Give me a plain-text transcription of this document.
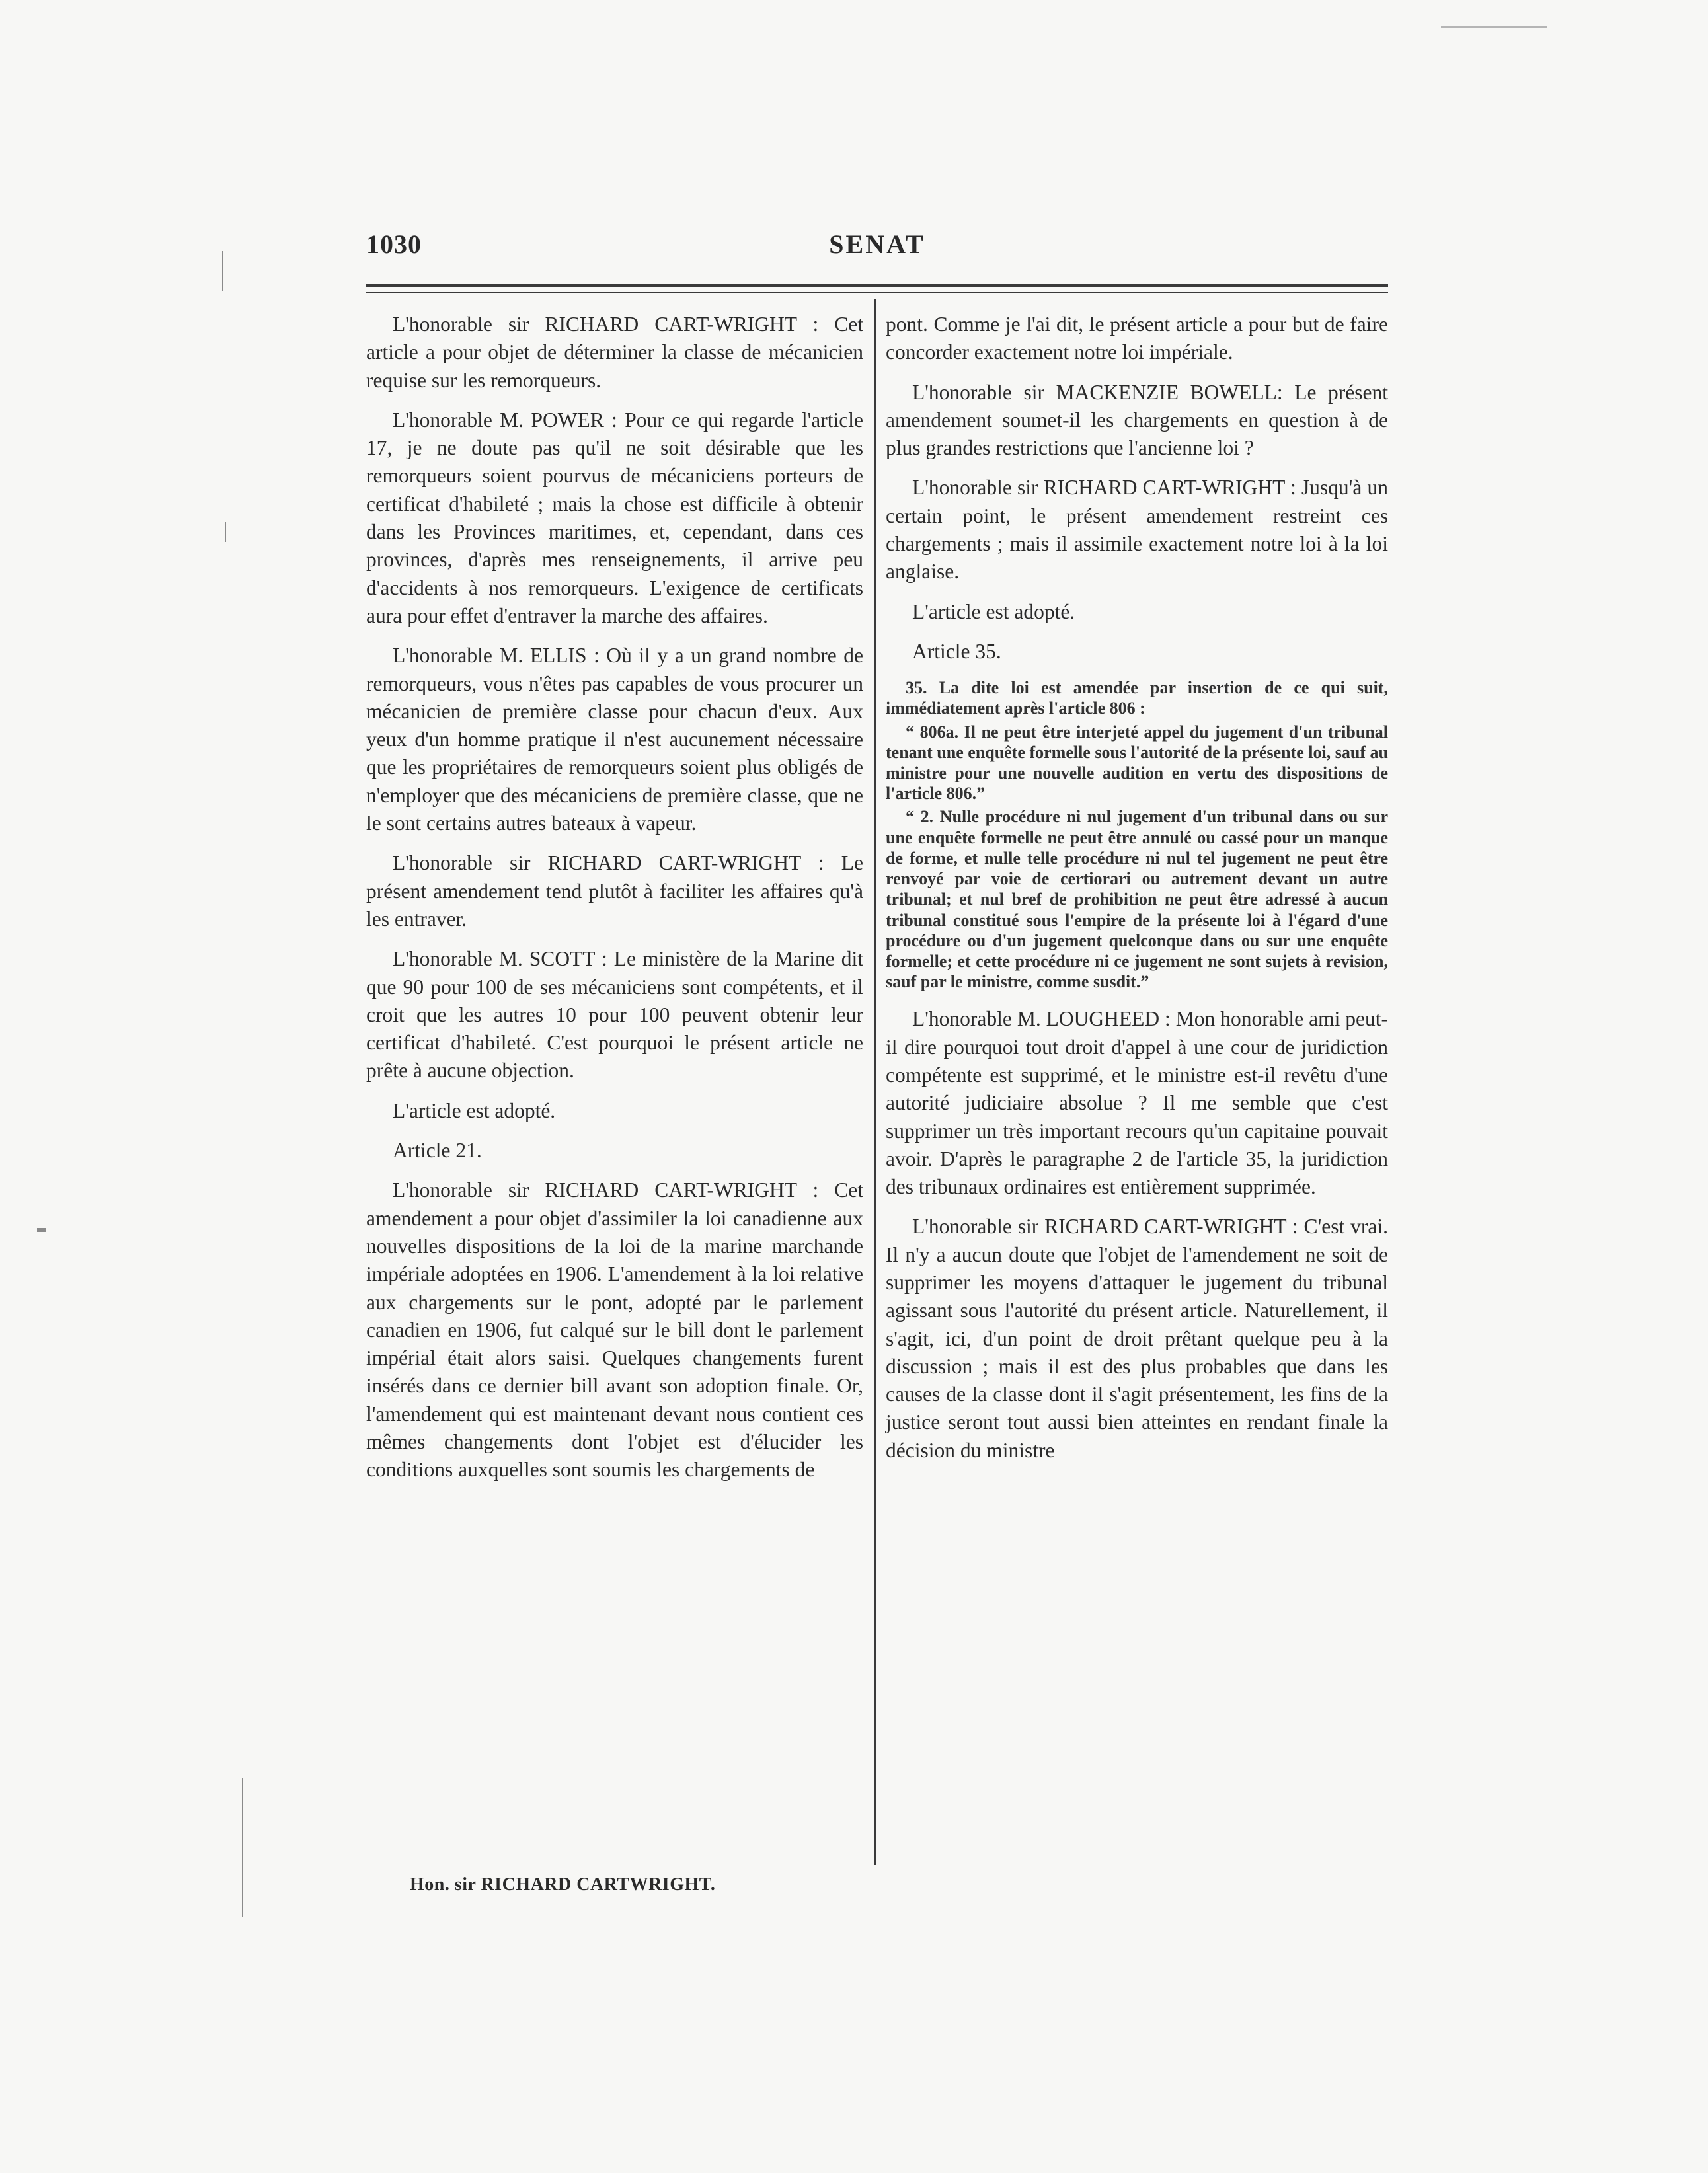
1030	SENAT

L'honorable sir RICHARD CART-WRIGHT : Cet article a pour objet de déterminer la classe de mécanicien requise sur les remorqueurs.

L'honorable M. POWER : Pour ce qui regarde l'article 17, je ne doute pas qu'il ne soit désirable que les remorqueurs soient pourvus de mécaniciens porteurs de certificat d'habileté ; mais la chose est difficile à obtenir dans les Provinces maritimes, et, cependant, dans ces provinces, d'après mes renseignements, il arrive peu d'accidents à nos remorqueurs. L'exigence de certificats aura pour effet d'entraver la marche des affaires.

L'honorable M. ELLIS : Où il y a un grand nombre de remorqueurs, vous n'êtes pas capables de vous procurer un mécanicien de première classe pour chacun d'eux. Aux yeux d'un homme pratique il n'est aucunement nécessaire que les propriétaires de remorqueurs soient plus obligés de n'employer que des mécaniciens de première classe, que ne le sont certains autres bateaux à vapeur.

L'honorable sir RICHARD CART-WRIGHT : Le présent amendement tend plutôt à faciliter les affaires qu'à les entraver.

L'honorable M. SCOTT : Le ministère de la Marine dit que 90 pour 100 de ses mécaniciens sont compétents, et il croit que les autres 10 pour 100 peuvent obtenir leur certificat d'habileté. C'est pourquoi le présent article ne prête à aucune objection.

L'article est adopté.

Article 21.

L'honorable sir RICHARD CART-WRIGHT : Cet amendement a pour objet d'assimiler la loi canadienne aux nouvelles dispositions de la loi de la marine marchande impériale adoptées en 1906. L'amendement à la loi relative aux chargements sur le pont, adopté par le parlement canadien en 1906, fut calqué sur le bill dont le parlement impérial était alors saisi. Quelques changements furent insérés dans ce dernier bill avant son adoption finale. Or, l'amendement qui est maintenant devant nous contient ces mêmes changements dont l'objet est d'élucider les conditions auxquelles sont soumis les chargements de

pont. Comme je l'ai dit, le présent article a pour but de faire concorder exactement notre loi impériale.

L'honorable sir MACKENZIE BOWELL: Le présent amendement soumet-il les chargements en question à de plus grandes restrictions que l'ancienne loi ?

L'honorable sir RICHARD CART-WRIGHT : Jusqu'à un certain point, le présent amendement restreint ces chargements ; mais il assimile exactement notre loi à la loi anglaise.

L'article est adopté.

Article 35.

35. La dite loi est amendée par insertion de ce qui suit, immédiatement après l'article 806 :

“ 806a. Il ne peut être interjeté appel du jugement d'un tribunal tenant une enquête formelle sous l'autorité de la présente loi, sauf au ministre pour une nouvelle audition en vertu des dispositions de l'article 806.”

“ 2. Nulle procédure ni nul jugement d'un tribunal dans ou sur une enquête formelle ne peut être annulé ou cassé pour un manque de forme, et nulle telle procédure ni nul tel jugement ne peut être renvoyé par voie de certiorari ou autrement devant un autre tribunal; et nul bref de prohibition ne peut être adressé à aucun tribunal constitué sous l'empire de la présente loi à l'égard d'une procédure ou d'un jugement quelconque dans ou sur une enquête formelle; et cette procédure ni ce jugement ne sont sujets à revision, sauf par le ministre, comme susdit.”

L'honorable M. LOUGHEED : Mon honorable ami peut-il dire pourquoi tout droit d'appel à une cour de juridiction compétente est supprimé, et le ministre est-il revêtu d'une autorité judiciaire absolue ? Il me semble que c'est supprimer un très important recours qu'un capitaine pouvait avoir. D'après le paragraphe 2 de l'article 35, la juridiction des tribunaux ordinaires est entièrement supprimée.

L'honorable sir RICHARD CART-WRIGHT : C'est vrai. Il n'y a aucun doute que l'objet de l'amendement ne soit de supprimer les moyens d'attaquer le jugement du tribunal agissant sous l'autorité du présent article. Naturellement, il s'agit, ici, d'un point de droit prêtant quelque peu à la discussion ; mais il est des plus probables que dans les causes de la classe dont il s'agit présentement, les fins de la justice seront tout aussi bien atteintes en rendant finale la décision du ministre

Hon. sir RICHARD CARTWRIGHT.
